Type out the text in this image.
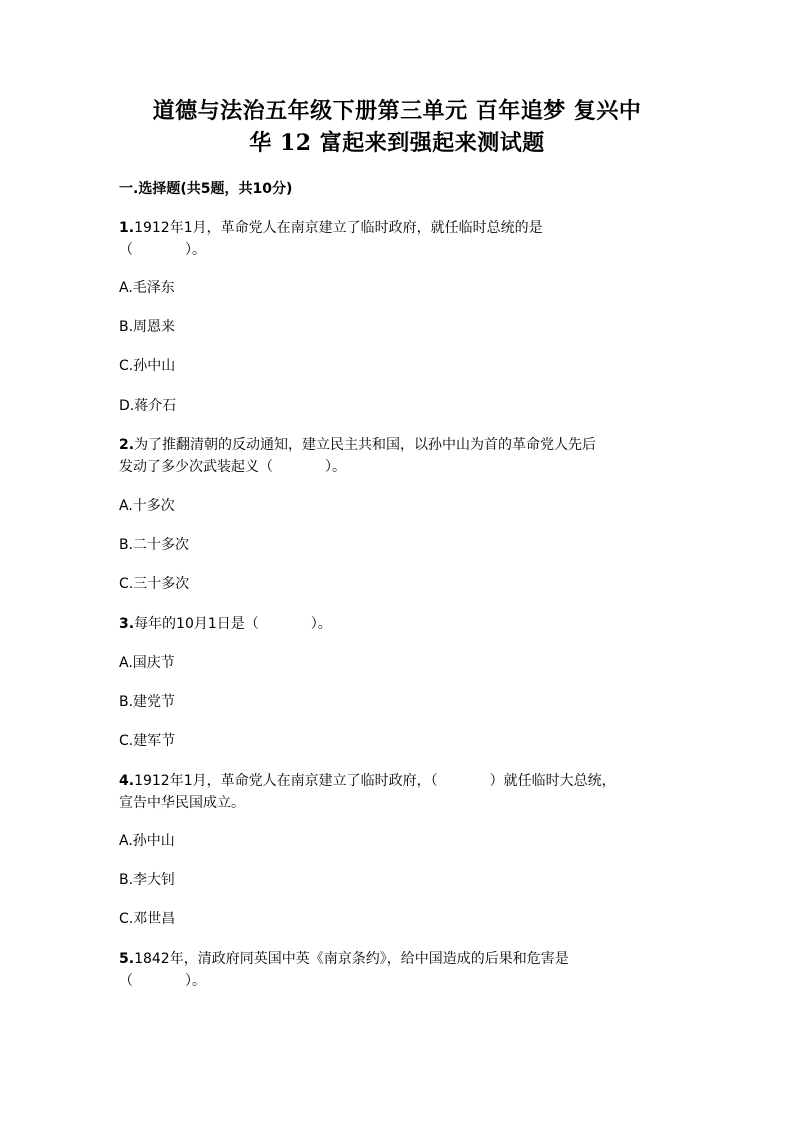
道德与法治五年级下册第三单元 百年追梦 复兴中
华 12 富起来到强起来测试题
一.选择题(共5题，共10分)
1.1912年1月，革命党人在南京建立了临时政府，就任临时总统的是
（	）。
A.毛泽东
B.周恩来
C.孙中山
D.蒋介石
2.为了推翻清朝的反动通知，建立民主共和国，以孙中山为首的革命党人先后
发动了多少次武装起义（	）。
A.十多次
B.二十多次
C.三十多次
3.每年的10月1日是（	）。
A.国庆节
B.建党节
C.建军节
4.1912年1月，革命党人在南京建立了临时政府，（	）就任临时大总统，
宣告中华民国成立。
A.孙中山
B.李大钊
C.邓世昌
5.1842年，清政府同英国中英《南京条约》，给中国造成的后果和危害是
（	）。
